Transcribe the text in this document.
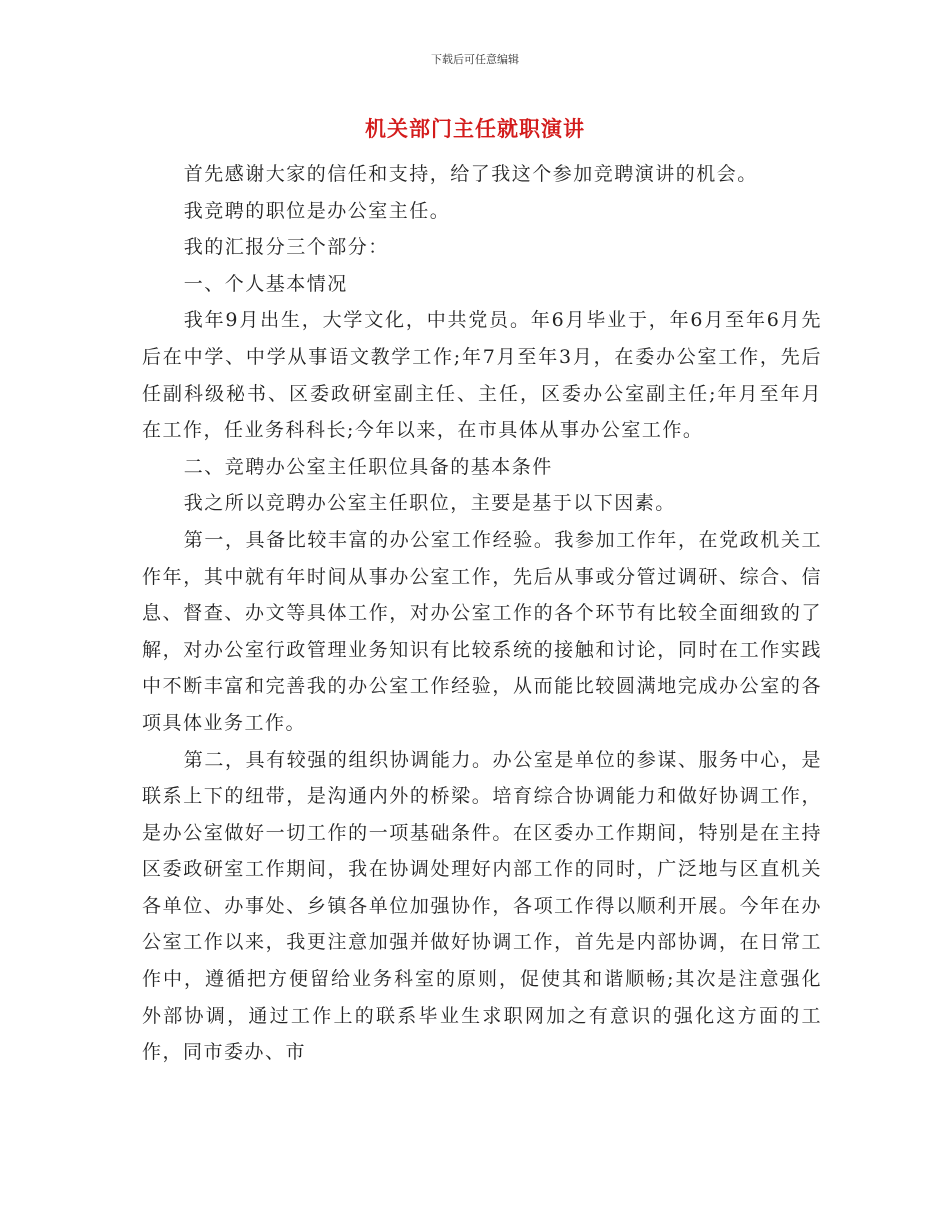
下载后可任意编辑
机关部门主任就职演讲

首先感谢大家的信任和支持，给了我这个参加竞聘演讲的机会。

我竞聘的职位是办公室主任。

我的汇报分三个部分：

一、个人基本情况

我年9月出生，大学文化，中共党员。年6月毕业于，年6月至年6月先后在中学、中学从事语文教学工作;年7月至年3月，在委办公室工作，先后任副科级秘书、区委政研室副主任、主任，区委办公室副主任;年月至年月在工作，任业务科科长;今年以来，在市具体从事办公室工作。

二、竞聘办公室主任职位具备的基本条件

我之所以竞聘办公室主任职位，主要是基于以下因素。

第一，具备比较丰富的办公室工作经验。我参加工作年，在党政机关工作年，其中就有年时间从事办公室工作，先后从事或分管过调研、综合、信息、督查、办文等具体工作，对办公室工作的各个环节有比较全面细致的了解，对办公室行政管理业务知识有比较系统的接触和讨论，同时在工作实践中不断丰富和完善我的办公室工作经验，从而能比较圆满地完成办公室的各项具体业务工作。

第二，具有较强的组织协调能力。办公室是单位的参谋、服务中心，是联系上下的纽带，是沟通内外的桥梁。培育综合协调能力和做好协调工作，是办公室做好一切工作的一项基础条件。在区委办工作期间，特别是在主持区委政研室工作期间，我在协调处理好内部工作的同时，广泛地与区直机关各单位、办事处、乡镇各单位加强协作，各项工作得以顺利开展。今年在办公室工作以来，我更注意加强并做好协调工作，首先是内部协调，在日常工作中，遵循把方便留给业务科室的原则，促使其和谐顺畅;其次是注意强化外部协调，通过工作上的联系毕业生求职网加之有意识的强化这方面的工作，同市委办、市
